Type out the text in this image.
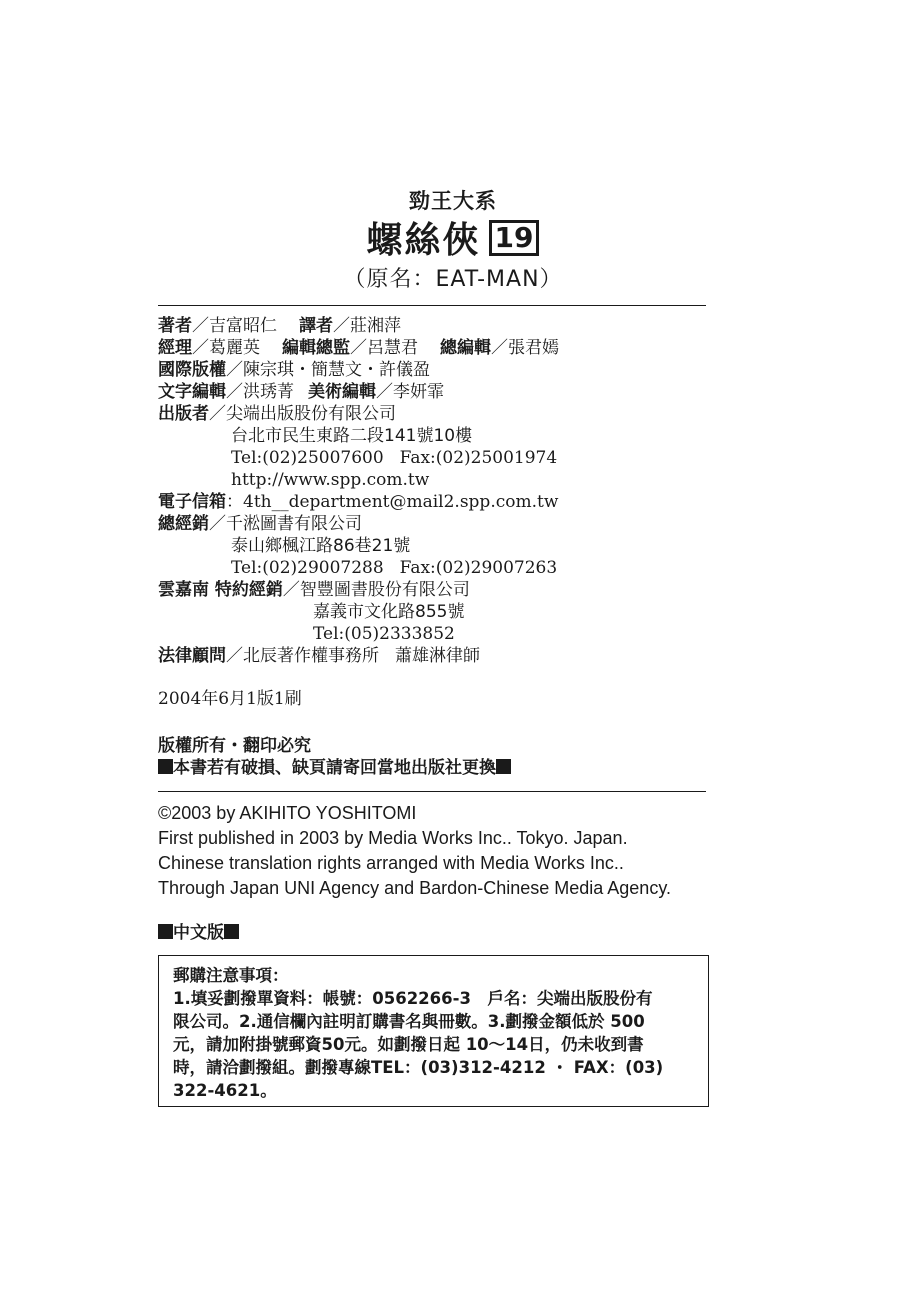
勁王大系
螺絲俠 19
（原名：EAT-MAN）
著者／吉富昭仁 譯者／莊湘萍
經理／葛麗英 編輯總監／呂慧君 總編輯／張君嫣
國際版權／陳宗琪・簡慧文・許儀盈
文字編輯／洪琇菁 美術編輯／李妍霏
出版者／尖端出版股份有限公司
台北市民生東路二段141號10樓
Tel:(02)25007600 Fax:(02)25001974
http://www.spp.com.tw
電子信箱：4th__department@mail2.spp.com.tw
總經銷／千淞圖書有限公司
泰山鄉楓江路86巷21號
Tel:(02)29007288 Fax:(02)29007263
雲嘉南 特約經銷／智豐圖書股份有限公司
嘉義市文化路855號
Tel:(05)2333852
法律顧問／北辰著作權事務所 蕭雄淋律師
2004年6月1版1刷
版權所有・翻印必究
本書若有破損、缺頁請寄回當地出版社更換
©2003 by AKIHITO YOSHITOMI
First published in 2003 by Media Works Inc.. Tokyo. Japan.
Chinese translation rights arranged with Media Works Inc..
Through Japan UNI Agency and Bardon-Chinese Media Agency.
中文版
郵購注意事項：
1.填妥劃撥單資料：帳號：0562266-3　戶名：尖端出版股份有
限公司。2.通信欄內註明訂購書名與冊數。3.劃撥金額低於 500
元，請加附掛號郵資50元。如劃撥日起 10～14日，仍未收到書
時，請洽劃撥組。劃撥專線TEL：(03)312-4212 ・ FAX：(03)
322-4621。
